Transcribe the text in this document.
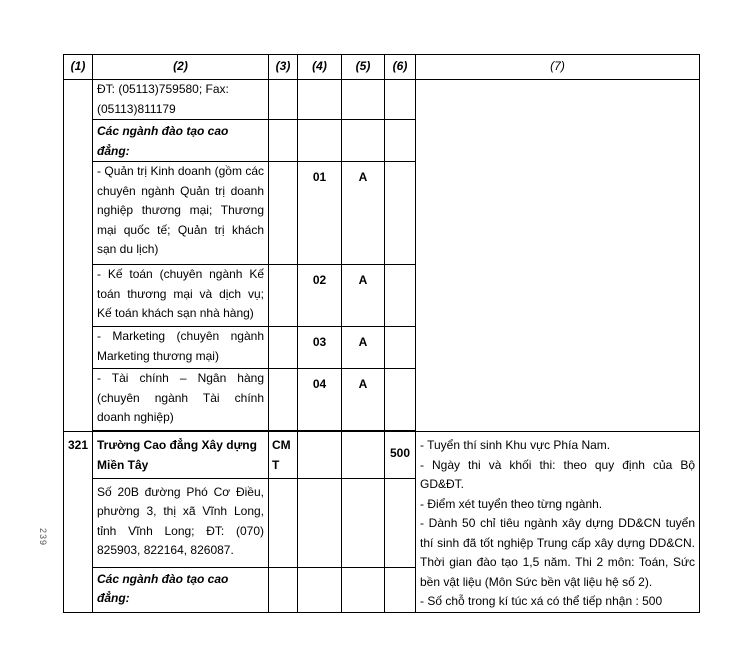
239
(1)	(2)	(3)	(4)	(5)	(6)	(7)
	ĐT: (05113)759580; Fax: (05113)811179					
	Các ngành đào tạo cao đẳng:					
	- Quản trị Kinh doanh (gồm các chuyên ngành Quản trị doanh nghiệp thương mại; Thương mại quốc tế; Quản trị khách sạn du lịch)		01	A		
	- Kế toán (chuyên ngành Kế toán thương mại và dịch vụ; Kế toán khách sạn nhà hàng)		02	A		
	- Marketing (chuyên ngành Marketing thương mại)		03	A		
	- Tài chính – Ngân hàng (chuyên ngành Tài chính doanh nghiệp)		04	A		

321	Trường Cao đẳng Xây dựng Miền Tây	CMT			500	- Tuyển thí sinh Khu vực Phía Nam.
- Ngày thi và khối thi: theo quy định của Bộ GD&ĐT.
- Điểm xét tuyển theo từng ngành.
- Dành 50 chỉ tiêu ngành xây dựng DD&CN tuyển thí sinh đã tốt nghiệp Trung cấp xây dựng DD&CN. Thời gian đào tạo 1,5 năm. Thi 2 môn: Toán, Sức bền vật liệu (Môn Sức bền vật liệu hệ số 2).
- Số chỗ trong kí túc xá có thể tiếp nhận : 500

	Số 20B đường Phó Cơ Điều, phường 3, thị xã Vĩnh Long, tỉnh Vĩnh Long; ĐT: (070) 825903, 822164, 826087.					
	Các ngành đào tạo cao đẳng:					
